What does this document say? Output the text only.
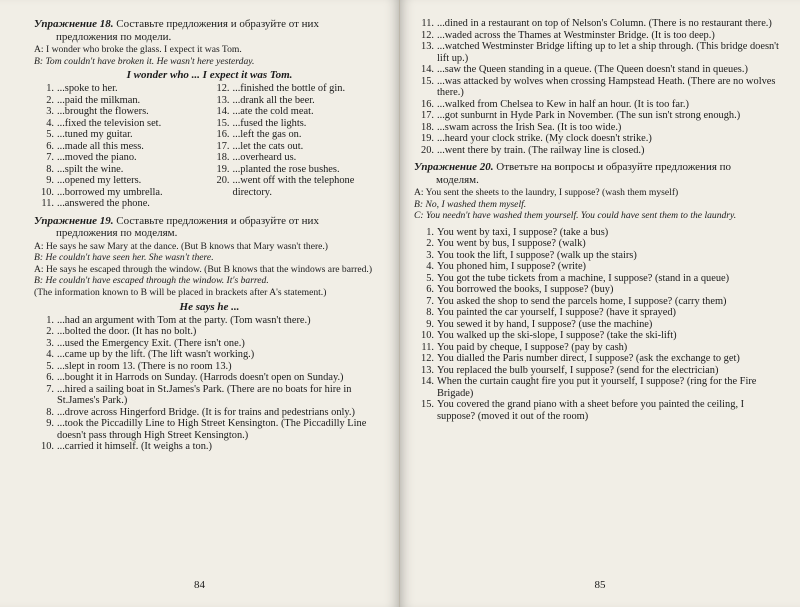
Упражнение 18. Составьте предложения и образуйте от них
предложения по модели.

A: I wonder who broke the glass. I expect it was Tom.

B: Tom couldn't have broken it. He wasn't here yesterday.

I wonder who ... I expect it was Tom.
1. ...spoke to her.
2. ...paid the milkman.
3. ...brought the flowers.
4. ...fixed the television set.
5. ...tuned my guitar.
6. ...made all this mess.
7. ...moved the piano.
8. ...spilt the wine.
9. ...opened my letters.
10. ...borrowed my umbrella.
11. ...answered the phone.
12. ...finished the bottle of gin.
13. ...drank all the beer.
14. ...ate the cold meat.
15. ...fused the lights.
16. ...left the gas on.
17. ...let the cats out.
18. ...overheard us.
19. ...planted the rose bushes.
20. ...went off with the telephone directory.
Упражнение 19. Составьте предложения и образуйте от них
предложения по моделям.

A: He says he saw Mary at the dance. (But B knows that Mary wasn't there.)

B: He couldn't have seen her. She wasn't there.

A: He says he escaped through the window. (But B knows that the windows are barred.)

B: He couldn't have escaped through the window. It's barred.

(The information known to B will be placed in brackets after A's statement.)

He says he ...
1. ...had an argument with Tom at the party. (Tom wasn't there.)
2. ...bolted the door. (It has no bolt.)
3. ...used the Emergency Exit. (There isn't one.)
4. ...came up by the lift. (The lift wasn't working.)
5. ...slept in room 13. (There is no room 13.)
6. ...bought it in Harrods on Sunday. (Harrods doesn't open on Sunday.)
7. ...hired a sailing boat in St.James's Park. (There are no boats for hire in St.James's Park.)
8. ...drove across Hingerford Bridge. (It is for trains and pedestrians only.)
9. ...took the Piccadilly Line to High Street Kensington. (The Piccadilly Line doesn't pass through High Street Kensington.)
10. ...carried it himself. (It weighs a ton.)
84
11. ...dined in a restaurant on top of Nelson's Column. (There is no restaurant there.)
12. ...waded across the Thames at Westminster Bridge. (It is too deep.)
13. ...watched Westminster Bridge lifting up to let a ship through. (This bridge doesn't lift up.)
14. ...saw the Queen standing in a queue. (The Queen doesn't stand in queues.)
15. ...was attacked by wolves when crossing Hampstead Heath. (There are no wolves there.)
16. ...walked from Chelsea to Kew in half an hour. (It is too far.)
17. ...got sunburnt in Hyde Park in November. (The sun isn't strong enough.)
18. ...swam across the Irish Sea. (It is too wide.)
19. ...heard your clock strike. (My clock doesn't strike.)
20. ...went there by train. (The railway line is closed.)
Упражнение 20. Ответьте на вопросы и образуйте предложения по
моделям.

A: You sent the sheets to the laundry, I suppose? (wash them myself)

B: No, I washed them myself.

C: You needn't have washed them yourself. You could have sent them to the laundry.

1. You went by taxi, I suppose? (take a bus)
2. You went by bus, I suppose? (walk)
3. You took the lift, I suppose? (walk up the stairs)
4. You phoned him, I suppose? (write)
5. You got the tube tickets from a machine, I suppose? (stand in a queue)
6. You borrowed the books, I suppose? (buy)
7. You asked the shop to send the parcels home, I suppose? (carry them)
8. You painted the car yourself, I suppose? (have it sprayed)
9. You sewed it by hand, I suppose? (use the machine)
10. You walked up the ski-slope, I suppose? (take the ski-lift)
11. You paid by cheque, I suppose? (pay by cash)
12. You dialled the Paris number direct, I suppose? (ask the exchange to get)
13. You replaced the bulb yourself, I suppose? (send for the electrician)
14. When the curtain caught fire you put it yourself, I suppose? (ring for the Fire Brigade)
15. You covered the grand piano with a sheet before you painted the ceiling, I suppose? (moved it out of the room)
85
